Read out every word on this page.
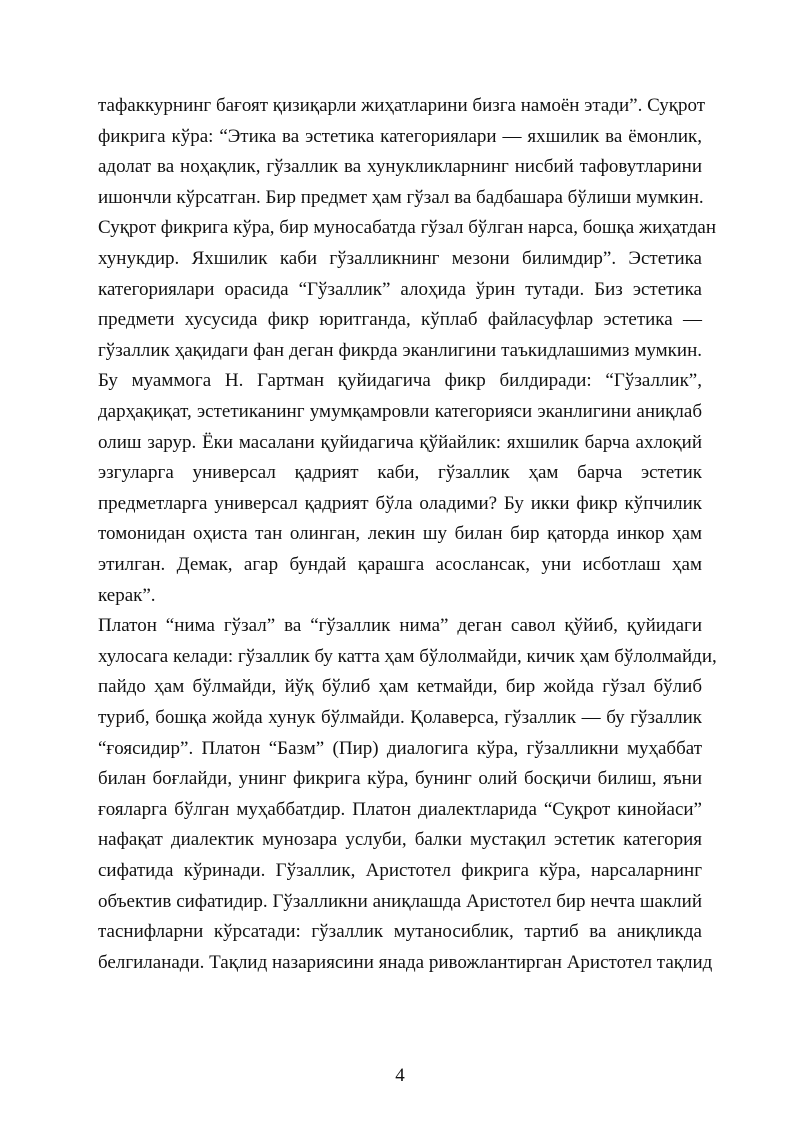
тафаккурнинг бағоят қизиқарли жиҳатларини бизга намоён этади”. Суқрот
фикрига кўра: “Этика ва эстетика категориялари — яхшилик ва ёмонлик,
адолат ва ноҳақлик, гўзаллик ва хунукликларнинг нисбий тафовутларини
ишончли кўрсатган. Бир предмет ҳам гўзал ва бадбашара бўлиши мумкин.
Суқрот фикрига кўра, бир муносабатда гўзал бўлган нарса, бошқа жиҳатдан
хунукдир. Яхшилик каби гўзалликнинг мезони билимдир”. Эстетика
категориялари орасида “Гўзаллик” алоҳида ўрин тутади. Биз эстетика
предмети хусусида фикр юритганда, кўплаб файласуфлар эстетика —
гўзаллик ҳақидаги фан деган фикрда эканлигини таъкидлашимиз мумкин.
Бу муаммога Н. Гартман қуйидагича фикр билдиради: “Гўзаллик”,
дарҳақиқат, эстетиканинг умумқамровли категорияси эканлигини аниқлаб
олиш зарур. Ёки масалани қуйидагича қўйайлик: яхшилик барча ахлоқий
эзгуларга универсал қадрият каби, гўзаллик ҳам барча эстетик
предметларга универсал қадрият бўла оладими? Бу икки фикр кўпчилик
томонидан оҳиста тан олинган, лекин шу билан бир қаторда инкор ҳам
этилган. Демак, агар бундай қарашга асослансак, уни исботлаш ҳам
керак”.
Платон “нима гўзал” ва “гўзаллик нима” деган савол қўйиб, қуйидаги
хулосага келади: гўзаллик бу катта ҳам бўлолмайди, кичик ҳам бўлолмайди,
пайдо ҳам бўлмайди, йўқ бўлиб ҳам кетмайди, бир жойда гўзал бўлиб
туриб, бошқа жойда хунук бўлмайди. Қолаверса, гўзаллик — бу гўзаллик
“ғоясидир”. Платон “Базм” (Пир) диалогига кўра, гўзалликни муҳаббат
билан боғлайди, унинг фикрига кўра, бунинг олий босқичи билиш, яъни
ғояларга бўлган муҳаббатдир. Платон диалектларида “Суқрот кинойаси”
нафақат диалектик мунозара услуби, балки мустақил эстетик категория
сифатида кўринади. Гўзаллик, Аристотел фикрига кўра, нарсаларнинг
объектив сифатидир. Гўзалликни аниқлашда Аристотел бир нечта шаклий
таснифларни кўрсатади: гўзаллик мутаносиблик, тартиб ва аниқликда
белгиланади. Тақлид назариясини янада ривожлантирган Аристотел тақлид
4
